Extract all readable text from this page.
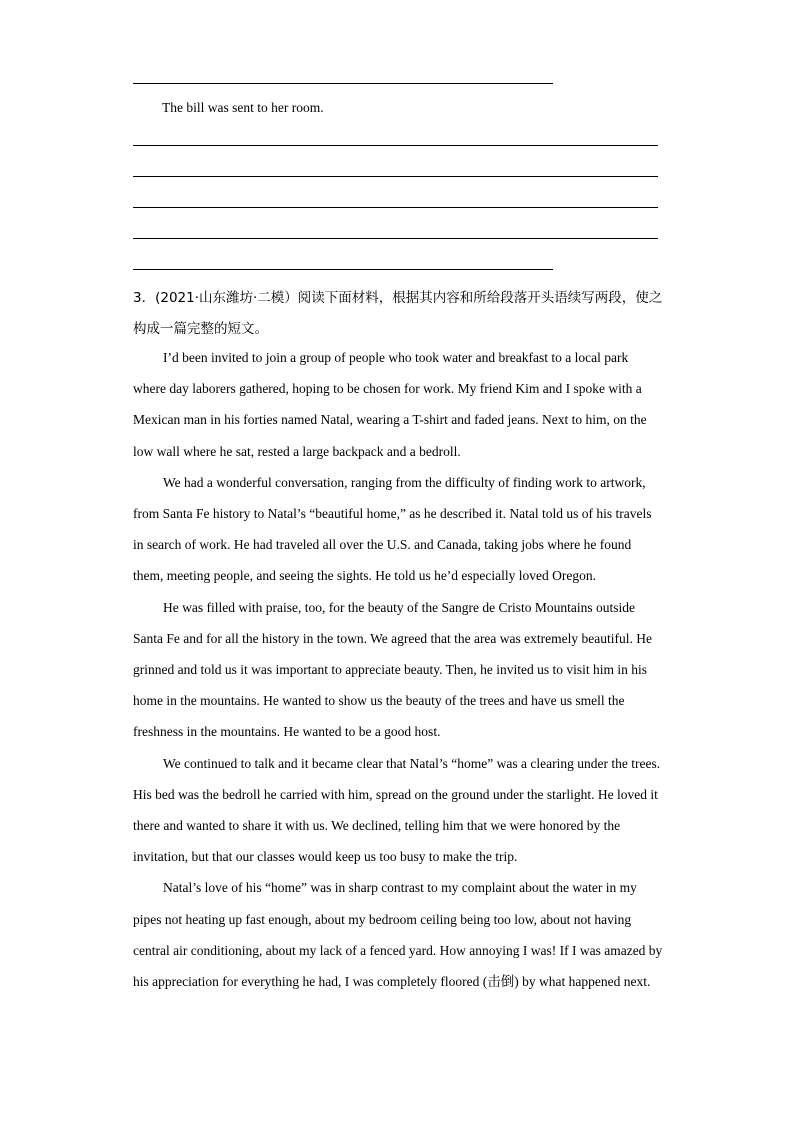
The bill was sent to her room.
3．(2021·山东潍坊·二模）阅读下面材料，根据其内容和所给段落开头语续写两段，使之构成一篇完整的短文。

I’d been invited to join a group of people who took water and breakfast to a local park where day laborers gathered, hoping to be chosen for work. My friend Kim and I spoke with a Mexican man in his forties named Natal, wearing a T-shirt and faded jeans. Next to him, on the low wall where he sat, rested a large backpack and a bedroll.

We had a wonderful conversation, ranging from the difficulty of finding work to artwork, from Santa Fe history to Natal’s “beautiful home,” as he described it. Natal told us of his travels in search of work. He had traveled all over the U.S. and Canada, taking jobs where he found them, meeting people, and seeing the sights. He told us he’d especially loved Oregon.

He was filled with praise, too, for the beauty of the Sangre de Cristo Mountains outside Santa Fe and for all the history in the town. We agreed that the area was extremely beautiful. He grinned and told us it was important to appreciate beauty. Then, he invited us to visit him in his home in the mountains. He wanted to show us the beauty of the trees and have us smell the freshness in the mountains. He wanted to be a good host.

We continued to talk and it became clear that Natal’s “home” was a clearing under the trees. His bed was the bedroll he carried with him, spread on the ground under the starlight. He loved it there and wanted to share it with us. We declined, telling him that we were honored by the invitation, but that our classes would keep us too busy to make the trip.

Natal’s love of his “home” was in sharp contrast to my complaint about the water in my pipes not heating up fast enough, about my bedroom ceiling being too low, about not having central air conditioning, about my lack of a fenced yard. How annoying I was! If I was amazed by his appreciation for everything he had, I was completely floored (击倒) by what happened next.
